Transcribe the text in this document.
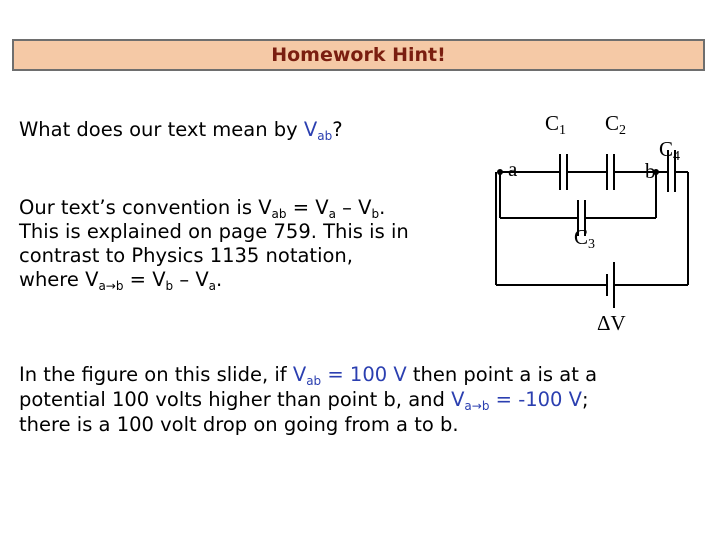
Homework Hint!
What does our text mean by $V_{ab}$?
Our text’s convention is $V_{ab} = V_a - V_b$.
This is explained on page 759. This is in
contrast to Physics 1135 notation,
where $V_{a\to b} = V_b - V_a$.
In the figure on this slide, if $V_{ab} = 100$ V then point a is at a
potential 100 volts higher than point b, and $V_{a\to b} = -100$ V;
there is a 100 volt drop on going from a to b.
C1 C2
C4
C3
a	b
ΔV
